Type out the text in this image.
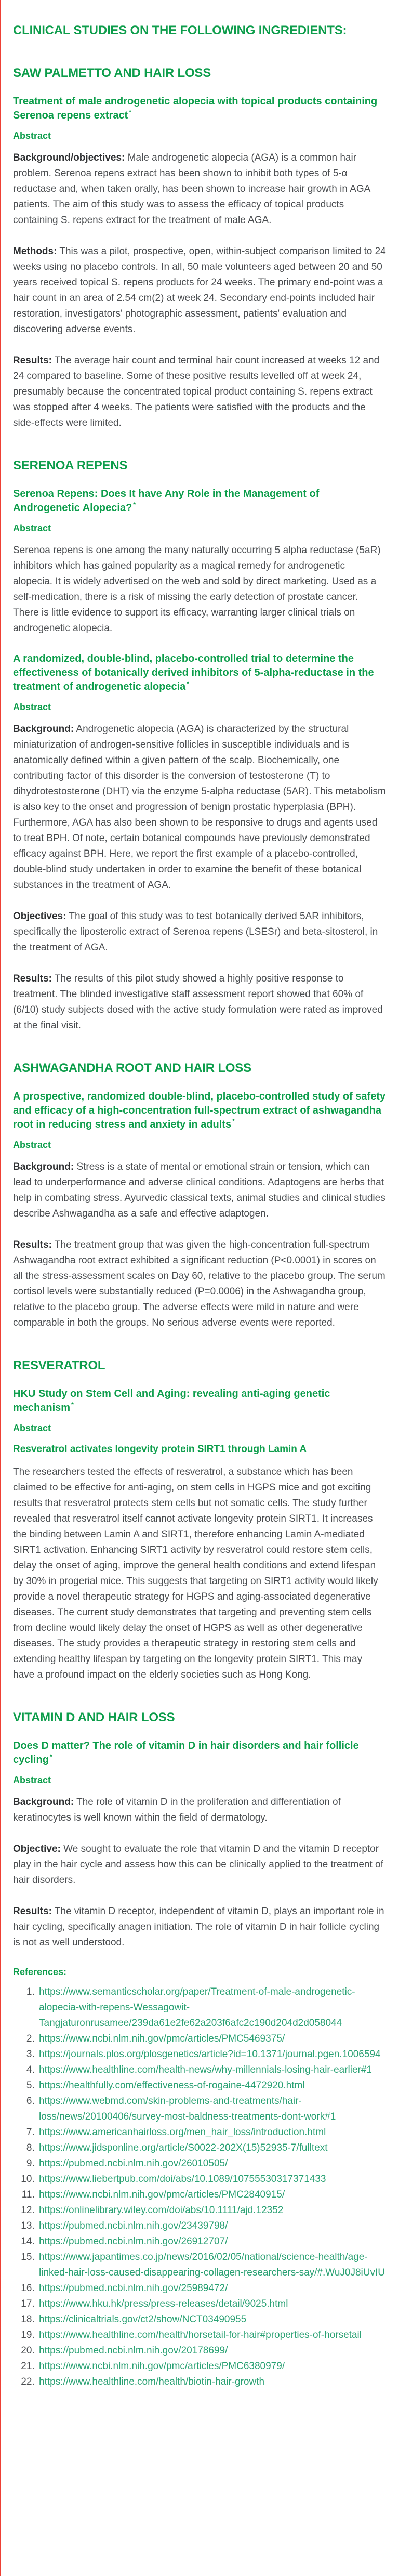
CLINICAL STUDIES ON THE FOLLOWING INGREDIENTS:
SAW PALMETTO AND HAIR LOSS
Treatment of male androgenetic alopecia with topical products containing Serenoa repens extract *
Abstract

Background/objectives: Male androgenetic alopecia (AGA) is a common hair problem. Serenoa repens extract has been shown to inhibit both types of 5-α reductase and, when taken orally, has been shown to increase hair growth in AGA patients. The aim of this study was to assess the efficacy of topical products containing S. repens extract for the treatment of male AGA.

Methods: This was a pilot, prospective, open, within-subject comparison limited to 24 weeks using no placebo controls. In all, 50 male volunteers aged between 20 and 50 years received topical S. repens products for 24 weeks. The primary end-point was a hair count in an area of 2.54 cm(2) at week 24. Secondary end-points included hair restoration, investigators' photographic assessment, patients' evaluation and discovering adverse events.

Results: The average hair count and terminal hair count increased at weeks 12 and 24 compared to baseline. Some of these positive results levelled off at week 24, presumably because the concentrated topical product containing S. repens extract was stopped after 4 weeks. The patients were satisfied with the products and the side-effects were limited.

SERENOA REPENS
Serenoa Repens: Does It have Any Role in the Management of Androgenetic Alopecia? *
Abstract

Serenoa repens is one among the many naturally occurring 5 alpha reductase (5aR) inhibitors which has gained popularity as a magical remedy for androgenetic alopecia. It is widely advertised on the web and sold by direct marketing. Used as a self-medication, there is a risk of missing the early detection of prostate cancer. There is little evidence to support its efficacy, warranting larger clinical trials on androgenetic alopecia.

A randomized, double-blind, placebo-controlled trial to determine the effectiveness of botanically derived inhibitors of 5-alpha-reductase in the treatment of androgenetic alopecia *
Abstract

Background: Androgenetic alopecia (AGA) is characterized by the structural miniaturization of androgen-sensitive follicles in susceptible individuals and is anatomically defined within a given pattern of the scalp. Biochemically, one contributing factor of this disorder is the conversion of testosterone (T) to dihydrotestosterone (DHT) via the enzyme 5-alpha reductase (5AR). This metabolism is also key to the onset and progression of benign prostatic hyperplasia (BPH). Furthermore, AGA has also been shown to be responsive to drugs and agents used to treat BPH. Of note, certain botanical compounds have previously demonstrated efficacy against BPH. Here, we report the first example of a placebo-controlled, double-blind study undertaken in order to examine the benefit of these botanical substances in the treatment of AGA.

Objectives: The goal of this study was to test botanically derived 5AR inhibitors, specifically the liposterolic extract of Serenoa repens (LSESr) and beta-sitosterol, in the treatment of AGA.

Results: The results of this pilot study showed a highly positive response to treatment. The blinded investigative staff assessment report showed that 60% of (6/10) study subjects dosed with the active study formulation were rated as improved at the final visit.

ASHWAGANDHA ROOT AND HAIR LOSS
A prospective, randomized double-blind, placebo-controlled study of safety and efficacy of a high-concentration full-spectrum extract of ashwagandha root in reducing stress and anxiety in adults *
Abstract

Background: Stress is a state of mental or emotional strain or tension, which can lead to underperformance and adverse clinical conditions. Adaptogens are herbs that help in combating stress. Ayurvedic classical texts, animal studies and clinical studies describe Ashwagandha as a safe and effective adaptogen.

Results: The treatment group that was given the high-concentration full-spectrum Ashwagandha root extract exhibited a significant reduction (P<0.0001) in scores on all the stress-assessment scales on Day 60, relative to the placebo group. The serum cortisol levels were substantially reduced (P=0.0006) in the Ashwagandha group, relative to the placebo group. The adverse effects were mild in nature and were comparable in both the groups. No serious adverse events were reported.

RESVERATROL
HKU Study on Stem Cell and Aging: revealing anti-aging genetic mechanism *
Abstract
Resveratrol activates longevity protein SIRT1 through Lamin A

The researchers tested the effects of resveratrol, a substance which has been claimed to be effective for anti-aging, on stem cells in HGPS mice and got exciting results that resveratrol protects stem cells but not somatic cells. The study further revealed that resveratrol itself cannot activate longevity protein SIRT1. It increases the binding between Lamin A and SIRT1, therefore enhancing Lamin A-mediated SIRT1 activation. Enhancing SIRT1 activity by resveratrol could restore stem cells, delay the onset of aging, improve the general health conditions and extend lifespan by 30% in progerial mice. This suggests that targeting on SIRT1 activity would likely provide a novel therapeutic strategy for HGPS and aging-associated degenerative diseases. The current study demonstrates that targeting and preventing stem cells from decline would likely delay the onset of HGPS as well as other degenerative diseases. The study provides a therapeutic strategy in restoring stem cells and extending healthy lifespan by targeting on the longevity protein SIRT1. This may have a profound impact on the elderly societies such as Hong Kong.

VITAMIN D AND HAIR LOSS
Does D matter? The role of vitamin D in hair disorders and hair follicle cycling *
Abstract

Background: The role of vitamin D in the proliferation and differentiation of keratinocytes is well known within the field of dermatology.

Objective: We sought to evaluate the role that vitamin D and the vitamin D receptor play in the hair cycle and assess how this can be clinically applied to the treatment of hair disorders.

Results: The vitamin D receptor, independent of vitamin D, plays an important role in hair cycling, specifically anagen initiation. The role of vitamin D in hair follicle cycling is not as well understood.

References:
1. https://www.semanticscholar.org/paper/Treatment-of-male-androgenetic-alopecia-with-repens-Wessagowit-Tangjaturonrusamee/239da61e2fe62a203f6afc2c190d204d2d058044
2. https://www.ncbi.nlm.nih.gov/pmc/articles/PMC5469375/
3. https://journals.plos.org/plosgenetics/article?id=10.1371/journal.pgen.1006594
4. https://www.healthline.com/health-news/why-millennials-losing-hair-earlier#1
5. https://healthfully.com/effectiveness-of-rogaine-4472920.html
6. https://www.webmd.com/skin-problems-and-treatments/hair-loss/news/20100406/survey-most-baldness-treatments-dont-work#1
7. https://www.americanhairloss.org/men_hair_loss/introduction.html
8. https://www.jidsponline.org/article/S0022-202X(15)52935-7/fulltext
9. https://pubmed.ncbi.nlm.nih.gov/26010505/
10. https://www.liebertpub.com/doi/abs/10.1089/10755530317371433
11. https://www.ncbi.nlm.nih.gov/pmc/articles/PMC2840915/
12. https://onlinelibrary.wiley.com/doi/abs/10.1111/ajd.12352
13. https://pubmed.ncbi.nlm.nih.gov/23439798/
14. https://pubmed.ncbi.nlm.nih.gov/26912707/
15. https://www.japantimes.co.jp/news/2016/02/05/national/science-health/age-linked-hair-loss-caused-disappearing-collagen-researchers-say/#.WuJ0J8iUvIU
16. https://pubmed.ncbi.nlm.nih.gov/25989472/
17. https://www.hku.hk/press/press-releases/detail/9025.html
18. https://clinicaltrials.gov/ct2/show/NCT03490955
19. https://www.healthline.com/health/horsetail-for-hair#properties-of-horsetail
20. https://pubmed.ncbi.nlm.nih.gov/20178699/
21. https://www.ncbi.nlm.nih.gov/pmc/articles/PMC6380979/
22. https://www.healthline.com/health/biotin-hair-growth
